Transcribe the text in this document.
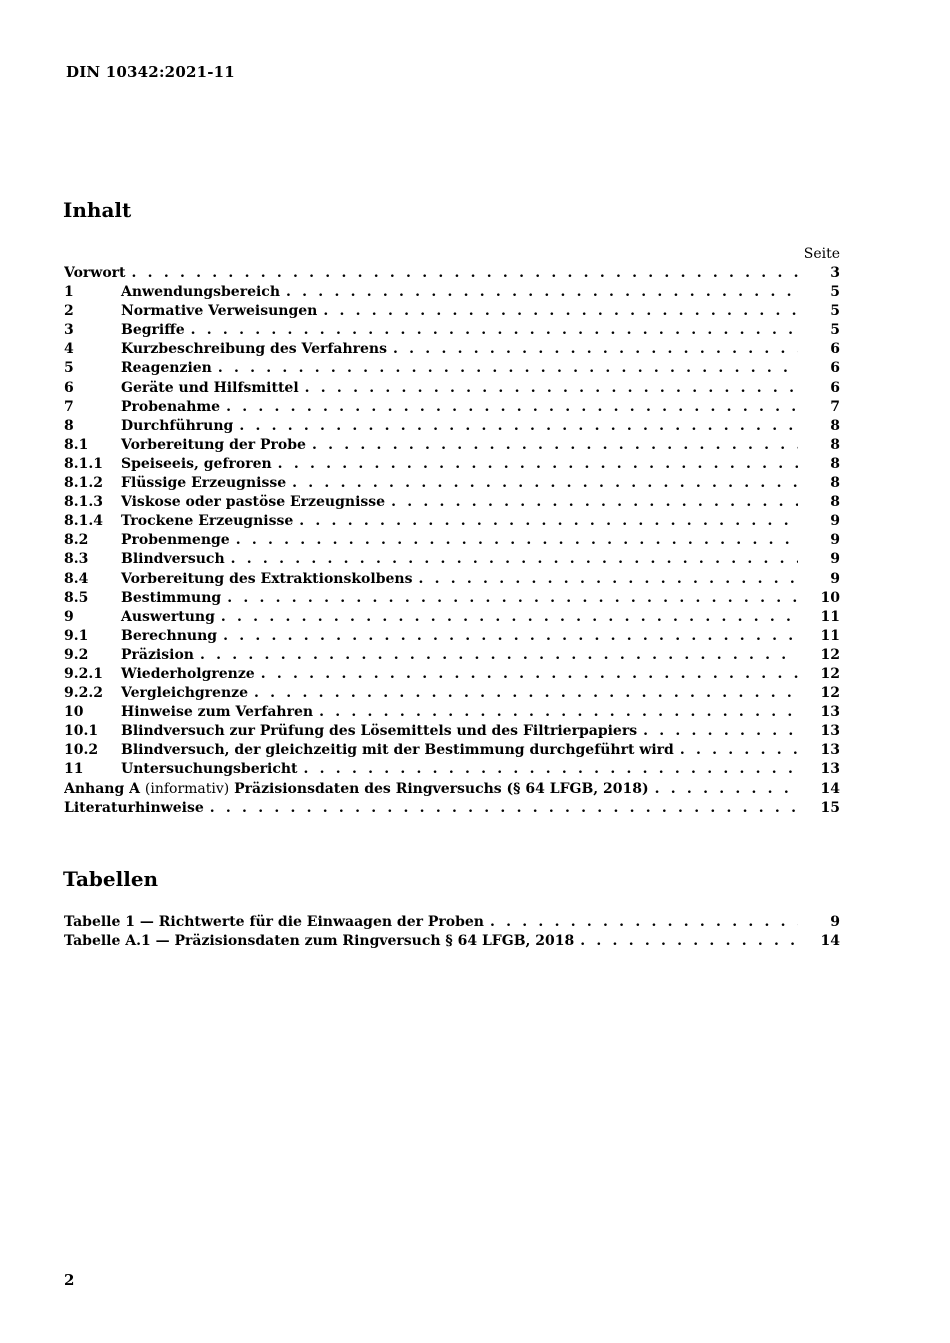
DIN 10342:2021-11
Inhalt
Seite
Vorwort . . .	3
1	Anwendungsbereich . . .	5
2	Normative Verweisungen . . .	5
3	Begriffe . . .	5
4	Kurzbeschreibung des Verfahrens . . .	6
5	Reagenzien . . .	6
6	Geräte und Hilfsmittel . . .	6
7	Probenahme . . .	7
8	Durchführung . . .	8
8.1	Vorbereitung der Probe . . .	8
8.1.1	Speiseeis, gefroren . . .	8
8.1.2	Flüssige Erzeugnisse . . .	8
8.1.3	Viskose oder pastöse Erzeugnisse . . .	8
8.1.4	Trockene Erzeugnisse . . .	9
8.2	Probenmenge . . .	9
8.3	Blindversuch . . .	9
8.4	Vorbereitung des Extraktionskolbens . . .	9
8.5	Bestimmung . . .	10
9	Auswertung . . .	11
9.1	Berechnung . . .	11
9.2	Präzision . . .	12
9.2.1	Wiederholgrenze . . .	12
9.2.2	Vergleichgrenze . . .	12
10	Hinweise zum Verfahren . . .	13
10.1	Blindversuch zur Prüfung des Lösemittels und des Filtrierpapiers . . .	13
10.2	Blindversuch, der gleichzeitig mit der Bestimmung durchgeführt wird . . .	13
11	Untersuchungsbericht . . .	13
Anhang A (informativ) Präzisionsdaten des Ringversuchs (§ 64 LFGB, 2018) . . .	14
Literaturhinweise . . .	15
Tabellen
Tabelle 1 — Richtwerte für die Einwaagen der Proben . . .	9
Tabelle A.1 — Präzisionsdaten zum Ringversuch § 64 LFGB, 2018 . . .	14
2
